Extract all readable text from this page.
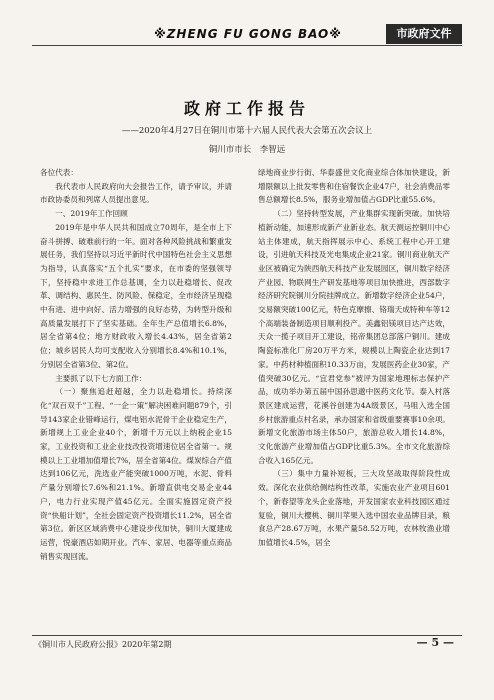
※ZHENG FU GONG BAO※	市政府文件
政府工作报告
——2020年4月27日在铜川市第十六届人民代表大会第五次会议上
铜川市市长　李智远

各位代表：

我代表市人民政府向大会报告工作，请予审议，并请市政协委员和列席人员提出意见。

一、2019年工作回顾

2019年是中华人民共和国成立70周年，是全市上下奋斗拼搏、破难前行的一年。面对各种风险挑战和繁重发展任务，我们坚持以习近平新时代中国特色社会主义思想为指导，认真落实“五个扎实”要求，在市委的坚强领导下，坚持稳中求进工作总基调，全力以赴稳增长、促改革、调结构、惠民生、防风险、保稳定，全市经济呈现稳中有进、进中向好、活力增强的良好态势，为转型升级和高质量发展打下了坚实基础。全年生产总值增长6.8%，居全省第4位；地方财政收入增长4.43%，居全省第2位；城乡居民人均可支配收入分别增长8.4%和10.1%，分别居全省第3位、第2位。

主要抓了以下七方面工作：

（一）聚焦追赶超越，全力以赴稳增长。持续深化“双百双千”工程、“一企一策”解决困难问题879个，引导143家企业错峰运行，煤电铝水泥骨干企业稳定生产，新增规上工业企业40个，新增千万元以上纳税企业15家，工业投资和工业企业技改投资增速位居全省第一。规模以上工业增加值增长7%，居全省第4位。煤炭综合产值达到106亿元，洗选业产能突破1000万吨，水泥、骨料产量分别增长7.6%和21.1%。新增直供电交易企业44户，电力行业实现产值45亿元。全面实施固定资产投资“快船计划”，全社会固定资产投资增长11.2%，居全省第3位。新区区域消费中心建设步伐加快，铜川大厦建成运营，悦豪酒店如期开业。汽车、家居、电器等重点商品销售实现回流。

绿地商业步行街、华泰盛世文化商业综合体加快建设，新增限额以上批发零售和住宿餐饮企业47户，社会消费品零售总额增长8.5%，服务业增加值占GDP比重55.6%。

（二）坚持转型发展，产业集群实现新突破。加快培植新动能，加速形成新产业新业态。航天测运控铜川中心站主体建成，航天指挥展示中心、系统工程中心开工建设，引进航天科技及光电集成企业21家。铜川商业航天产业区被确定为陕西航天科技产业发展园区，铜川数字经济产业园、物联网生产研发基地等项目加快推进，西部数字经济研究院铜川分院挂牌成立。新增数字经济企业54户，交易额突破100亿元，特色克摩擦、铬瑞天成特种车等12个高端装备制造项目顺利投产。美鑫铝镁项目达产达效，天众一揽子项目开工建设，铭帝集团总部落户铜川。建成陶瓷标准化厂房20万平方米，规模以上陶瓷企业达到17家。中药材种植面积10.33万亩，发展医药企业30家，产值突破30亿元。“宜君党参”被评为国家地理标志保护产品，成功举办第五届中国孙思邈中医药文化节。泰入村落景区建成运营，花溪谷创建为4A级景区，马咀入选全国乡村旅游重点村名录，承办国家和省级重要赛事10余项。新增文化旅游市场主体50户，旅游总收入增长14.8%，文化旅游产业增加值占GDP比重5.3%。全市文化旅游综合收入165亿元。

（三）集中力量补短板，三大攻坚战取得阶段性成效。深化农业供给侧结构性改革，实施农业产业项目601个，新春望等龙头企业落地，开发国家农业科技园区通过复验，铜川大樱桃、铜川苹果入选中国农业品牌目录，粮食总产28.67万吨，水果产量58.52万吨，农林牧渔业增加值增长4.5%，居全

《铜川市人民政府公报》2020年第2期	— 5 —
